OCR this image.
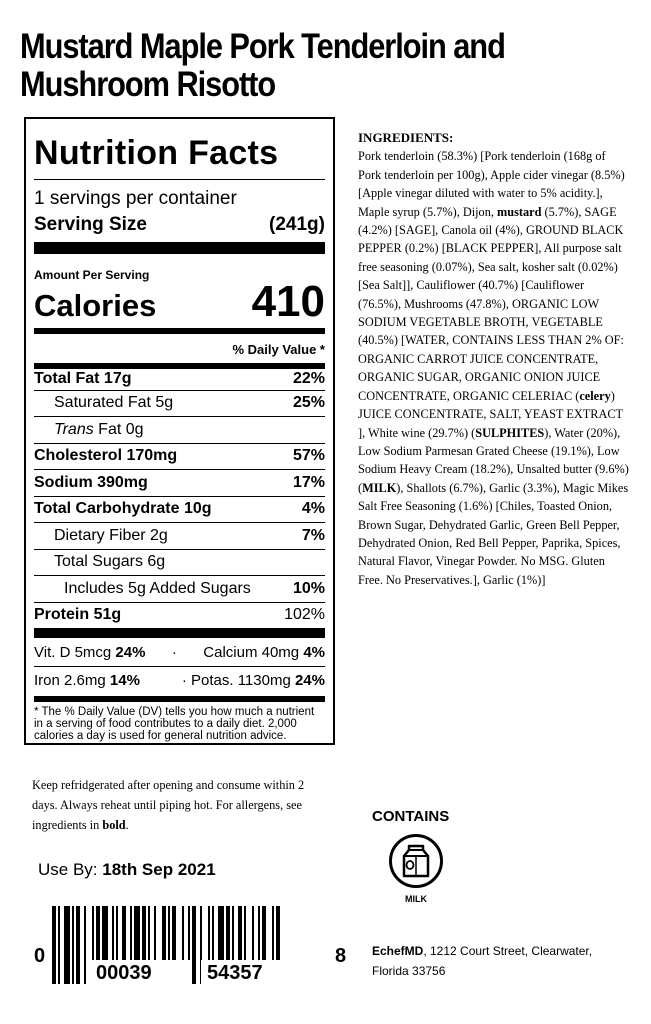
Mustard Maple Pork Tenderloin and Mushroom Risotto
Nutrition Facts
1 servings per container
Serving Size	(241g)
Amount Per Serving
Calories 410
% Daily Value *
Total Fat 17g	22%
Saturated Fat 5g	25%
Trans Fat 0g
Cholesterol 170mg	57%
Sodium 390mg	17%
Total Carbohydrate 10g	4%
Dietary Fiber 2g	7%
Total Sugars 6g
Includes 5g Added Sugars	10%
Protein 51g	102%
Vit. D 5mcg 24% · Calcium 40mg 4%
Iron 2.6mg 14%	· Potas. 1130mg 24%
* The % Daily Value (DV) tells you how much a nutrient in a serving of food contributes to a daily diet. 2,000 calories a day is used for general nutrition advice.
INGREDIENTS:
Pork tenderloin (58.3%) [Pork tenderloin (168g of Pork tenderloin per 100g), Apple cider vinegar (8.5%) [Apple vinegar diluted with water to 5% acidity.], Maple syrup (5.7%), Dijon, mustard (5.7%), SAGE (4.2%) [SAGE], Canola oil (4%), GROUND BLACK PEPPER (0.2%) [BLACK PEPPER], All purpose salt free seasoning (0.07%), Sea salt, kosher salt (0.02%) [Sea Salt]], Cauliflower (40.7%) [Cauliflower (76.5%), Mushrooms (47.8%), ORGANIC LOW SODIUM VEGETABLE BROTH, VEGETABLE (40.5%) [WATER, CONTAINS LESS THAN 2% OF: ORGANIC CARROT JUICE CONCENTRATE, ORGANIC SUGAR, ORGANIC ONION JUICE CONCENTRATE, ORGANIC CELERIAC (celery) JUICE CONCENTRATE, SALT, YEAST EXTRACT ], White wine (29.7%) (SULPHITES), Water (20%), Low Sodium Parmesan Grated Cheese (19.1%), Low Sodium Heavy Cream (18.2%), Unsalted butter (9.6%) (MILK), Shallots (6.7%), Garlic (3.3%), Magic Mikes Salt Free Seasoning (1.6%) [Chiles, Toasted Onion, Brown Sugar, Dehydrated Garlic, Green Bell Pepper, Dehydrated Onion, Red Bell Pepper, Paprika, Spices, Natural Flavor, Vinegar Powder. No MSG. Gluten Free. No Preservatives.], Garlic (1%)]
Keep refridgerated after opening and consume within 2 days. Always reheat until piping hot. For allergens, see ingredients in bold.
Use By: 18th Sep 2021
CONTAINS
MILK
0
00039	54357
8 EchefMD, 1212 Court Street, Clearwater, Florida 33756
